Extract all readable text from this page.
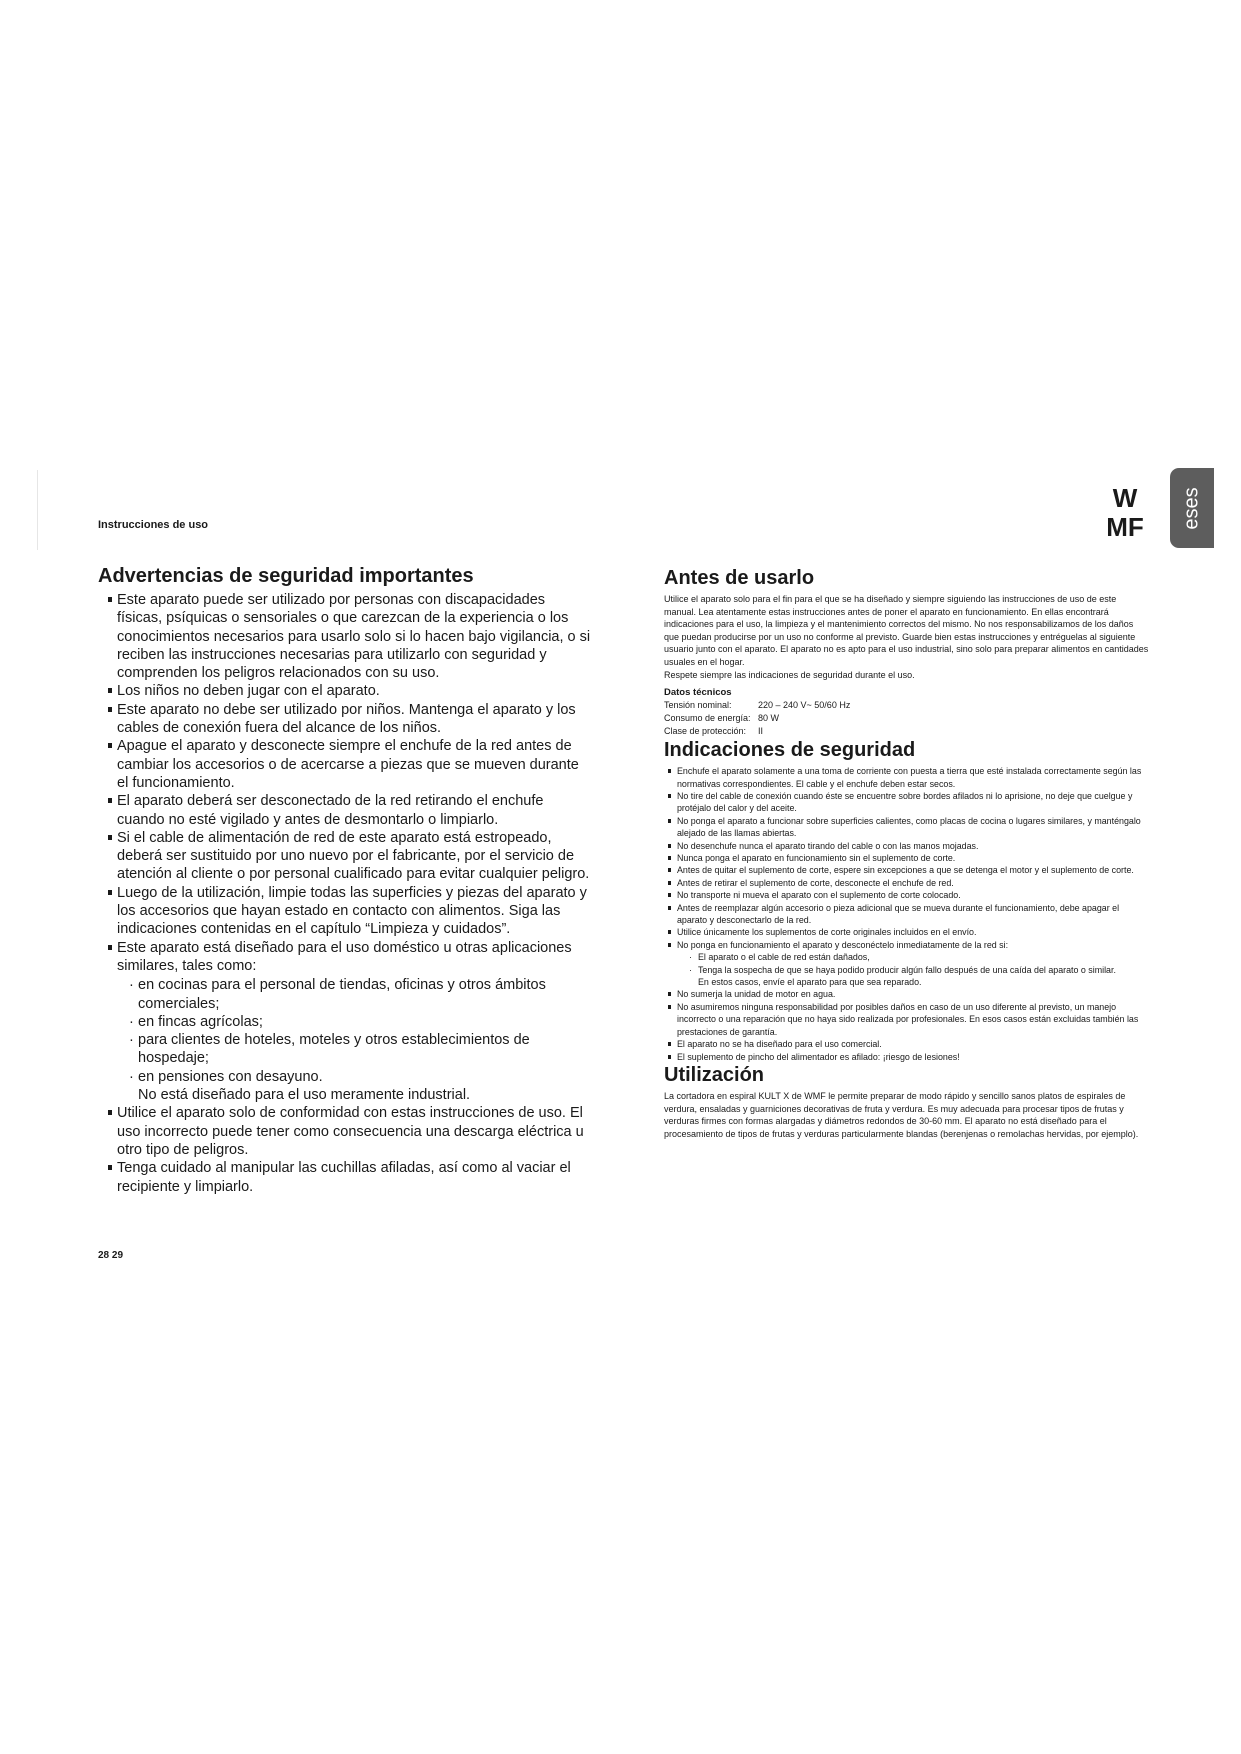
Instrucciones de uso
W
MF eses
Advertencias de seguridad importantes
Este aparato puede ser utilizado por personas con discapacidades físicas, psíquicas o sensoriales o que carezcan de la experiencia o los conocimientos necesarios para usarlo solo si lo hacen bajo vigilancia, o si reciben las instrucciones necesarias para utilizarlo con seguridad y comprenden los peligros relacionados con su uso.
Los niños no deben jugar con el aparato.
Este aparato no debe ser utilizado por niños. Mantenga el aparato y los cables de conexión fuera del alcance de los niños.
Apague el aparato y desconecte siempre el enchufe de la red antes de cambiar los accesorios o de acercarse a piezas que se mueven durante el funcionamiento.
El aparato deberá ser desconectado de la red retirando el enchufe cuando no esté vigilado y antes de desmontarlo o limpiarlo.
Si el cable de alimentación de red de este aparato está estropeado, deberá ser sustituido por uno nuevo por el fabricante, por el servicio de atención al cliente o por personal cualificado para evitar cualquier peligro.
Luego de la utilización, limpie todas las superficies y piezas del aparato y los accesorios que hayan estado en contacto con alimentos. Siga las indicaciones contenidas en el capítulo “Limpieza y cuidados”.
Este aparato está diseñado para el uso doméstico u otras aplicaciones similares, tales como:
· en cocinas para el personal de tiendas, oficinas y otros ámbitos comerciales;
· en fincas agrícolas;
· para clientes de hoteles, moteles y otros establecimientos de hospedaje;
· en pensiones con desayuno.
No está diseñado para el uso meramente industrial.
Utilice el aparato solo de conformidad con estas instrucciones de uso. El uso incorrecto puede tener como consecuencia una descarga eléctrica u otro tipo de peligros.
Tenga cuidado al manipular las cuchillas afiladas, así como al vaciar el recipiente y limpiarlo.
Antes de usarlo

Utilice el aparato solo para el fin para el que se ha diseñado y siempre siguiendo las instrucciones de uso de este manual. Lea atentamente estas instrucciones antes de poner el aparato en funcionamiento. En ellas encontrará indicaciones para el uso, la limpieza y el mantenimiento correctos del mismo. No nos responsabilizamos de los daños que puedan producirse por un uso no conforme al previsto. Guarde bien estas instrucciones y entréguelas al siguiente usuario junto con el aparato. El aparato no es apto para el uso industrial, sino solo para preparar alimentos en cantidades usuales en el hogar.

Respete siempre las indicaciones de seguridad durante el uso.

Datos técnicos
Tensión nominal:	220 – 240 V~ 50/60 Hz
Consumo de energía: 80 W
Clase de protección:	II
Indicaciones de seguridad
Enchufe el aparato solamente a una toma de corriente con puesta a tierra que esté instalada correctamente según las normativas correspondientes. El cable y el enchufe deben estar secos.
No tire del cable de conexión cuando éste se encuentre sobre bordes afilados ni lo aprisione, no deje que cuelgue y protéjalo del calor y del aceite.
No ponga el aparato a funcionar sobre superficies calientes, como placas de cocina o lugares similares, y manténgalo alejado de las llamas abiertas.
No desenchufe nunca el aparato tirando del cable o con las manos mojadas.
Nunca ponga el aparato en funcionamiento sin el suplemento de corte.
Antes de quitar el suplemento de corte, espere sin excepciones a que se detenga el motor y el suplemento de corte.
Antes de retirar el suplemento de corte, desconecte el enchufe de red.
No transporte ni mueva el aparato con el suplemento de corte colocado.
Antes de reemplazar algún accesorio o pieza adicional que se mueva durante el funcionamiento, debe apagar el aparato y desconectarlo de la red.
Utilice únicamente los suplementos de corte originales incluidos en el envío.
No ponga en funcionamiento el aparato y desconéctelo inmediatamente de la red si:
· El aparato o el cable de red están dañados,
· Tenga la sospecha de que se haya podido producir algún fallo después de una caída del aparato o similar.
En estos casos, envíe el aparato para que sea reparado.
No sumerja la unidad de motor en agua.
No asumiremos ninguna responsabilidad por posibles daños en caso de un uso diferente al previsto, un manejo incorrecto o una reparación que no haya sido realizada por profesionales. En esos casos están excluidas también las prestaciones de garantía.
El aparato no se ha diseñado para el uso comercial.
El suplemento de pincho del alimentador es afilado: ¡riesgo de lesiones!
Utilización

La cortadora en espiral KULT X de WMF le permite preparar de modo rápido y sencillo sanos platos de espirales de verdura, ensaladas y guarniciones decorativas de fruta y verdura. Es muy adecuada para procesar tipos de frutas y verduras firmes con formas alargadas y diámetros redondos de 30-60 mm. El aparato no está diseñado para el procesamiento de tipos de frutas y verduras particularmente blandas (berenjenas o remolachas hervidas, por ejemplo).

28 29
